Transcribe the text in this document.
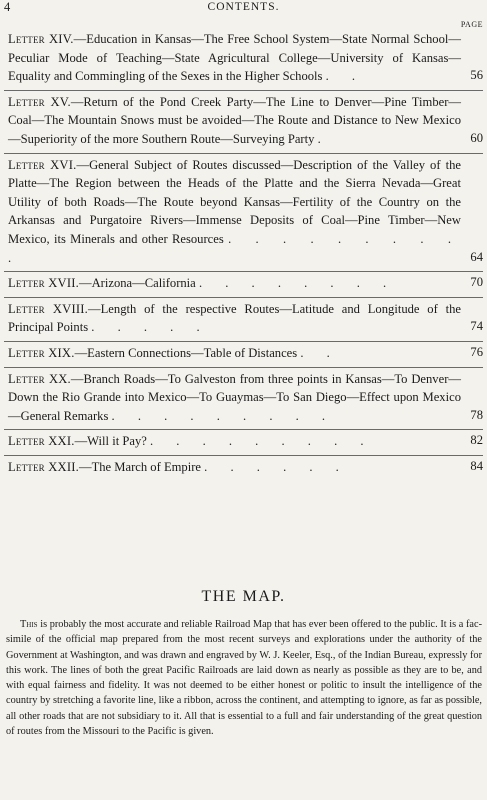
4	CONTENTS.
PAGE
Letter XIV.—Education in Kansas—The Free School System—State Normal School—Peculiar Mode of Teaching—State Agricultural College—University of Kansas—Equality and Commingling of the Sexes in the Higher Schools . .	56
Letter XV.—Return of the Pond Creek Party—The Line to Denver—Pine Timber—Coal—The Mountain Snows must be avoided—The Route and Distance to New Mexico—Superiority of the more Southern Route—Surveying Party .	60
Letter XVI.—General Subject of Routes discussed—Description of the Valley of the Platte—The Region between the Heads of the Platte and the Sierra Nevada—Great Utility of both Roads—The Route beyond Kansas—Fertility of the Country on the Arkansas and Purgatoire Rivers—Immense Deposits of Coal—Pine Timber—New Mexico, its Minerals and other Resources . . . . . . . . . .	64
Letter XVII.—Arizona—California . . . . . . . .	70
Letter XVIII.—Length of the respective Routes—Latitude and Longitude of the Principal Points . . . . .	74
Letter XIX.—Eastern Connections—Table of Distances . .	76
Letter XX.—Branch Roads—To Galveston from three points in Kansas—To Denver—Down the Rio Grande into Mexico—To Guaymas—To San Diego—Effect upon Mexico—General Remarks . . . . . . . . .	78
Letter XXI.—Will it Pay? . . . . . . . . .	82
Letter XXII.—The March of Empire . . . . . .	84
THE MAP.
This is probably the most accurate and reliable Railroad Map that has ever been offered to the public. It is a fac-simile of the official map prepared from the most recent surveys and explorations under the authority of the Government at Washington, and was drawn and engraved by W. J. Keeler, Esq., of the Indian Bureau, expressly for this work. The lines of both the great Pacific Railroads are laid down as nearly as possible as they are to be, and with equal fairness and fidelity. It was not deemed to be either honest or politic to insult the intelligence of the country by stretching a favorite line, like a ribbon, across the continent, and attempting to ignore, as far as possible, all other roads that are not subsidiary to it. All that is essential to a full and fair understanding of the great question of routes from the Missouri to the Pacific is given.
